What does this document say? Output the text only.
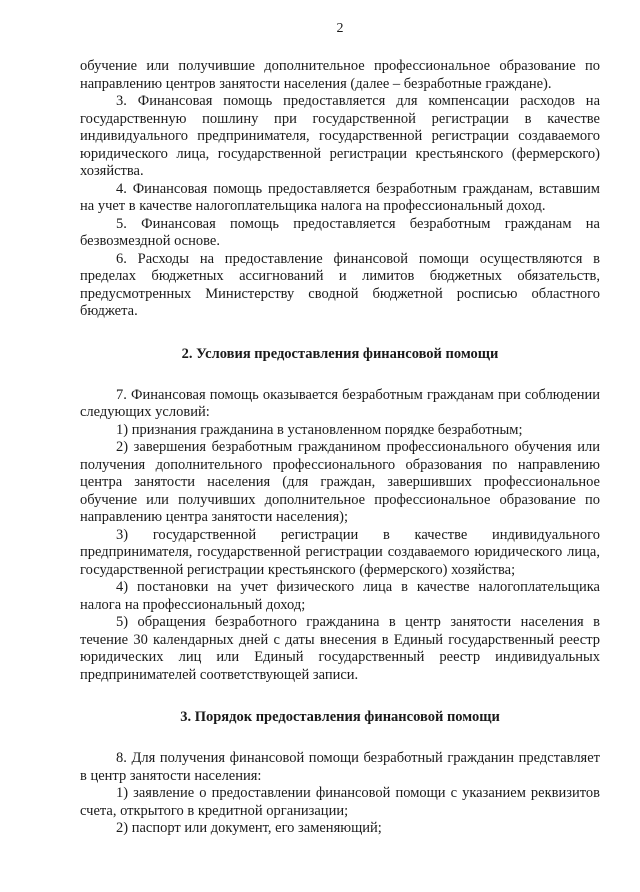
2

обучение или получившие дополнительное профессиональное образование по направлению центров занятости населения (далее – безработные граждане).

3. Финансовая помощь предоставляется для компенсации расходов на государственную пошлину при государственной регистрации в качестве индивидуального предпринимателя, государственной регистрации создаваемого юридического лица, государственной регистрации крестьянского (фермерского) хозяйства.

4. Финансовая помощь предоставляется безработным гражданам, вставшим на учет в качестве налогоплательщика налога на профессиональный доход.

5. Финансовая помощь предоставляется безработным гражданам на безвозмездной основе.

6. Расходы на предоставление финансовой помощи осуществляются в пределах бюджетных ассигнований и лимитов бюджетных обязательств, предусмотренных Министерству сводной бюджетной росписью областного бюджета.

2. Условия предоставления финансовой помощи

7. Финансовая помощь оказывается безработным гражданам при соблюдении следующих условий:

1) признания гражданина в установленном порядке безработным;

2) завершения безработным гражданином профессионального обучения или получения дополнительного профессионального образования по направлению центра занятости населения (для граждан, завершивших профессиональное обучение или получивших дополнительное профессиональное образование по направлению центра занятости населения);

3) государственной регистрации в качестве индивидуального предпринимателя, государственной регистрации создаваемого юридического лица, государственной регистрации крестьянского (фермерского) хозяйства;

4) постановки на учет физического лица в качестве налогоплательщика налога на профессиональный доход;

5) обращения безработного гражданина в центр занятости населения в течение 30 календарных дней с даты внесения в Единый государственный реестр юридических лиц или Единый государственный реестр индивидуальных предпринимателей соответствующей записи.

3. Порядок предоставления финансовой помощи

8. Для получения финансовой помощи безработный гражданин представляет в центр занятости населения:

1) заявление о предоставлении финансовой помощи с указанием реквизитов счета, открытого в кредитной организации;

2) паспорт или документ, его заменяющий;
